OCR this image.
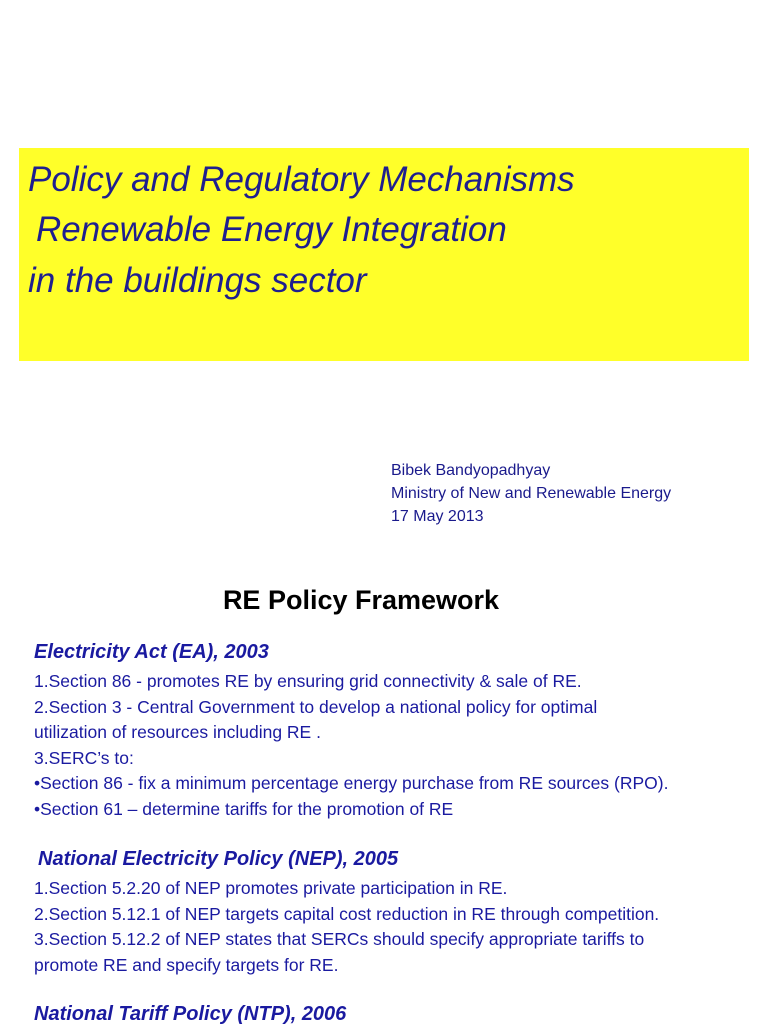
Policy and Regulatory Mechanisms
Renewable Energy Integration
in the buildings sector
Bibek Bandyopadhyay
Ministry of New and Renewable Energy
17 May 2013
RE Policy Framework
Electricity Act (EA), 2003
1.Section 86 - promotes RE by ensuring grid connectivity & sale of RE.
2.Section 3 - Central Government to develop a national policy for optimal
utilization of resources including RE .
3.SERC’s to:
•Section 86 - fix a minimum percentage energy purchase from RE sources (RPO).
•Section 61 – determine tariffs for the promotion of RE
National Electricity Policy (NEP), 2005
1.Section 5.2.20 of NEP promotes private participation in RE.
2.Section 5.12.1 of NEP targets capital cost reduction in RE through competition.
3.Section 5.12.2 of NEP states that SERCs should specify appropriate tariffs to
promote RE and specify targets for RE.
National Tariff Policy (NTP), 2006
